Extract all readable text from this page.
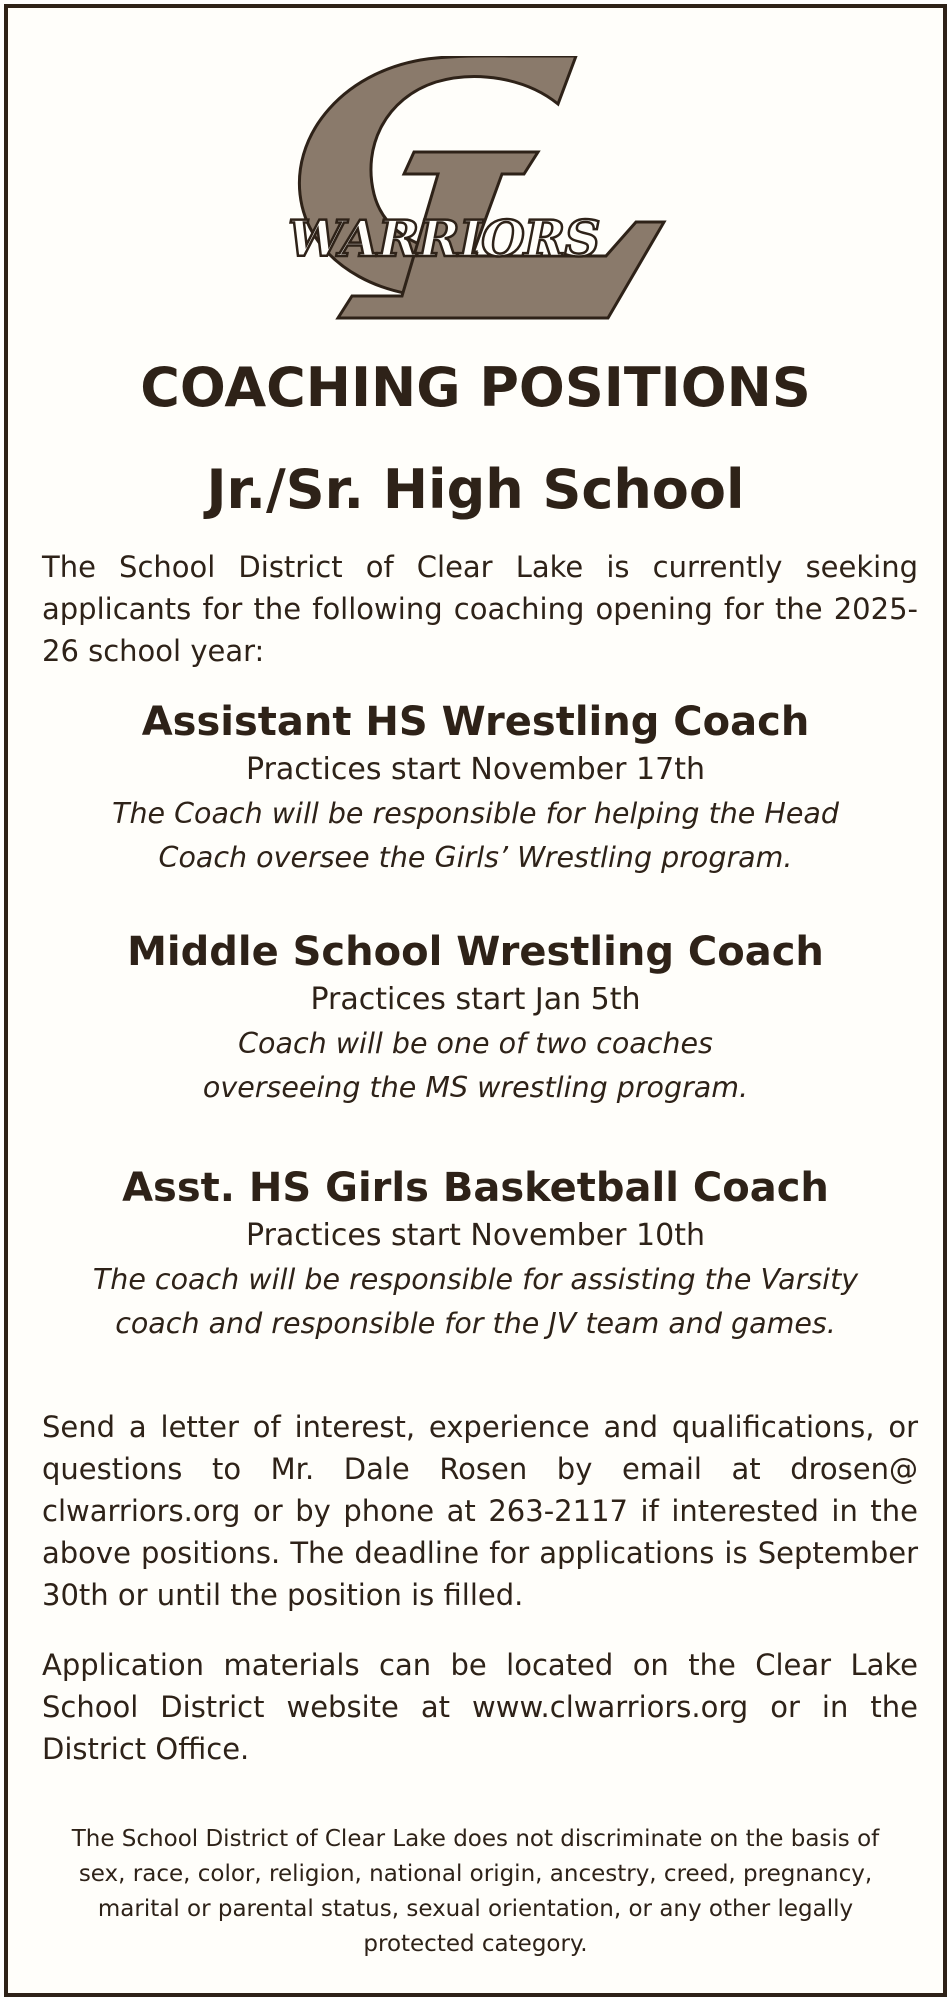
WARRIORS
COACHING POSITIONS
Jr./Sr. High School
The School District of Clear Lake is currently seeking applicants for the following coaching opening for the 2025-26 school year:
Assistant HS Wrestling Coach
Practices start November 17th
The Coach will be responsible for helping the Head
Coach oversee the Girls’ Wrestling program.
Middle School Wrestling Coach
Practices start Jan 5th
Coach will be one of two coaches
overseeing the MS wrestling program.
Asst. HS Girls Basketball Coach
Practices start November 10th
The coach will be responsible for assisting the Varsity
coach and responsible for the JV team and games.
Send a letter of interest, experience and qualifications, or questions to Mr. Dale Rosen by email at drosen@ clwarriors.org or by phone at 263-2117 if interested in the above positions. The deadline for applications is September 30th or until the position is filled.
Application materials can be located on the Clear Lake School District website at www.clwarriors.org or in the District Office.
The School District of Clear Lake does not discriminate on the basis of sex, race, color, religion, national origin, ancestry, creed, pregnancy, marital or parental status, sexual orientation, or any other legally protected category.
